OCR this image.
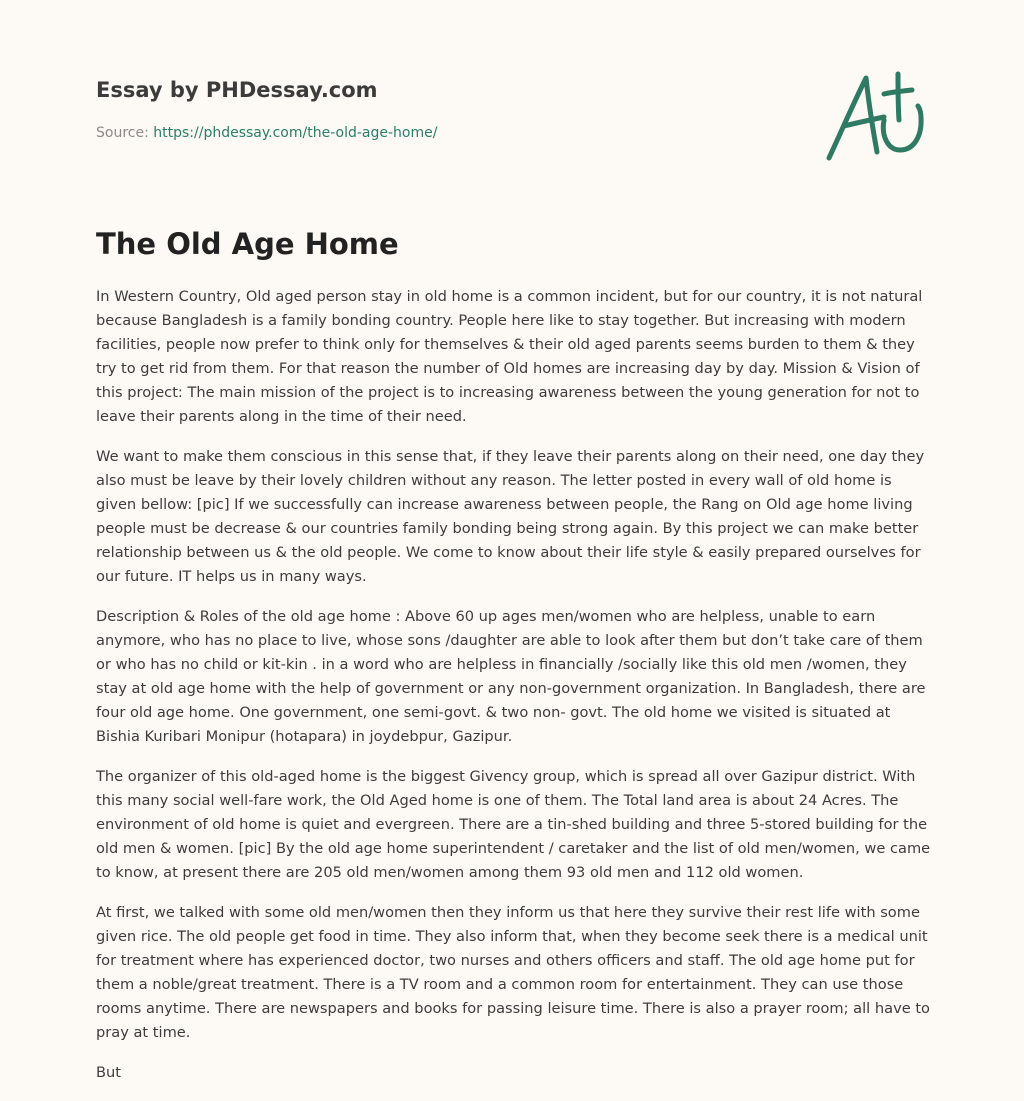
Essay by PHDessay.com
Source: https://phdessay.com/the-old-age-home/
The Old Age Home

In Western Country, Old aged person stay in old home is a common incident, but for our country, it is not natural because Bangladesh is a family bonding country. People here like to stay together. But increasing with modern facilities, people now prefer to think only for themselves & their old aged parents seems burden to them & they try to get rid from them. For that reason the number of Old homes are increasing day by day. Mission & Vision of this project: The main mission of the project is to increasing awareness between the young generation for not to leave their parents along in the time of their need.

We want to make them conscious in this sense that, if they leave their parents along on their need, one day they also must be leave by their lovely children without any reason. The letter posted in every wall of old home is given bellow: [pic] If we successfully can increase awareness between people, the Rang on Old age home living people must be decrease & our countries family bonding being strong again. By this project we can make better relationship between us & the old people. We come to know about their life style & easily prepared ourselves for our future. IT helps us in many ways.

Description & Roles of the old age home : Above 60 up ages men/women who are helpless, unable to earn anymore, who has no place to live, whose sons /daughter are able to look after them but don’t take care of them or who has no child or kit-kin . in a word who are helpless in financially /socially like this old men /women, they stay at old age home with the help of government or any non-government organization. In Bangladesh, there are four old age home. One government, one semi-govt. & two non- govt. The old home we visited is situated at Bishia Kuribari Monipur (hotapara) in joydebpur, Gazipur.

The organizer of this old-aged home is the biggest Givency group, which is spread all over Gazipur district. With this many social well-fare work, the Old Aged home is one of them. The Total land area is about 24 Acres. The environment of old home is quiet and evergreen. There are a tin-shed building and three 5-stored building for the old men & women. [pic] By the old age home superintendent / caretaker and the list of old men/women, we came to know, at present there are 205 old men/women among them 93 old men and 112 old women.

At first, we talked with some old men/women then they inform us that here they survive their rest life with some given rice. The old people get food in time. They also inform that, when they become seek there is a medical unit for treatment where has experienced doctor, two nurses and others officers and staff. The old age home put for them a noble/great treatment. There is a TV room and a common room for entertainment. They can use those rooms anytime. There are newspapers and books for passing leisure time. There is also a prayer room; all have to pray at time.

But
